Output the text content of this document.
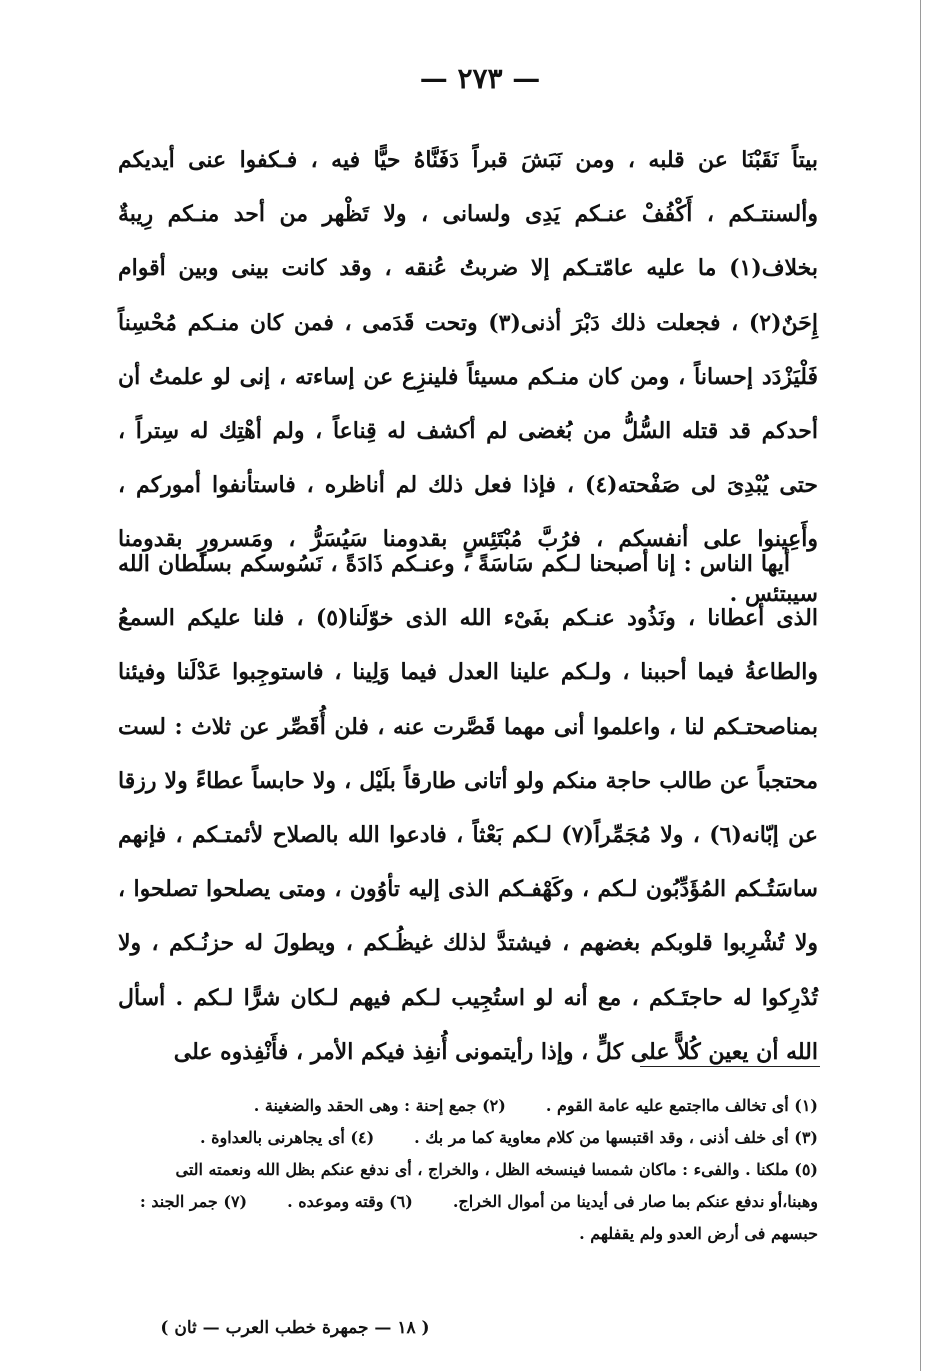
— ٢٧٣ —

بيتاً نَقَبْنَا عن قلبه ، ومن نَبَشَ قبراً دَفَنَّاهُ حيًّا فيه ، فـكفوا عنى أيديكم وألسنتـكم ، أَكْفُفْ عنـكم يَدِى ولسانى ، ولا تَظْهر من أحد منـكم رِيبةٌ بخلاف(١) ما عليه عامّتـكم إلا ضربتُ عُنقه ، وقد كانت بينى وبين أقوام إِحَنٌ(٢) ، فجعلت ذلك دَبْرَ أذنى(٣) وتحت قَدَمى ، فمن كان منـكم مُحْسِناً فَلْيَزْدَد إحساناً ، ومن كان منـكم مسيئاً فلينزِع عن إساءته ، إنى لو علمتُ أن أحدكم قد قتله السُّلُّ من بُغضى لم أكشف له قِناعاً ، ولم أهْتِك له سِتراً ، حتى يُبْدِىَ لى صَفْحته(٤) ، فإذا فعل ذلك لم أناظره ، فاستأنفوا أموركم ، وأَعِينوا على أنفسكم ، فرُبَّ مُبْتَئِسٍ بقدومنا سَيُسَرُّ ، ومَسرورٍ بقدومنا سيبتئس .

أيها الناس : إنا أصبحنا لـكم سَاسَةً ، وعنـكم ذَادَةً ، نَسُوسكم بسلطان الله الذى أعطانا ، ونَذُود عنـكم بفَىْء الله الذى خوّلَنا(٥) ، فلنا عليكم السمعُ والطاعةُ فيما أحببنا ، ولـكم علينا العدل فيما وَلِينا ، فاستوجِبوا عَدْلَنا وفيئنا بمناصحتـكم لنا ، واعلموا أنى مهما قَصَّرت عنه ، فلن أُقَصِّر عن ثلاث : لست محتجباً عن طالب حاجة منكم ولو أتانى طارقاً بلَيْل ، ولا حابساً عطاءً ولا رزقا عن إبّانه(٦) ، ولا مُجَمِّراً(٧) لـكم بَعْثاً ، فادعوا الله بالصلاح لأئمتـكم ، فإنهم ساسَتُـكم المُؤَدِّبُون لـكم ، وكَهْفـكم الذى إليه تأوُون ، ومتى يصلحوا تصلحوا ، ولا تُشْرِبوا قلوبكم بغضهم ، فيشتدَّ لذلك غيظُـكم ، ويطولَ له حزنُـكم ، ولا تُدْرِكوا له حاجتَـكم ، مع أنه لو استُجِيب لـكم فيهم لـكان شرًّا لـكم . أسأل الله أن يعين كُلاًّ على كلٍّ ، وإذا رأيتمونى أُنفِذ فيكم الأمر ، فأَنْفِذوه على

(١) أى تخالف مااجتمع عليه عامة القوم .
(٢) جمع إحنة : وهى الحقد والضغينة .
(٣) أى خلف أذنى ، وقد اقتبسها من كلام معاوية كما مر بك .
(٤) أى يجاهرنى بالعداوة .
(٥) ملكنا . والفىء : ماكان شمسا فينسخه الظل ، والخراج ، أى ندفع عنكم بظل الله ونعمته التى
وهبنا،أو ندفع عنكم بما صار فى أيدينا من أموال الخراج.
(٦) وقته وموعده .
(٧) جمر الجند :
حبسهم فى أرض العدو ولم يقفلهم .
( ١٨ — جمهرة خطب العرب — ثان )
